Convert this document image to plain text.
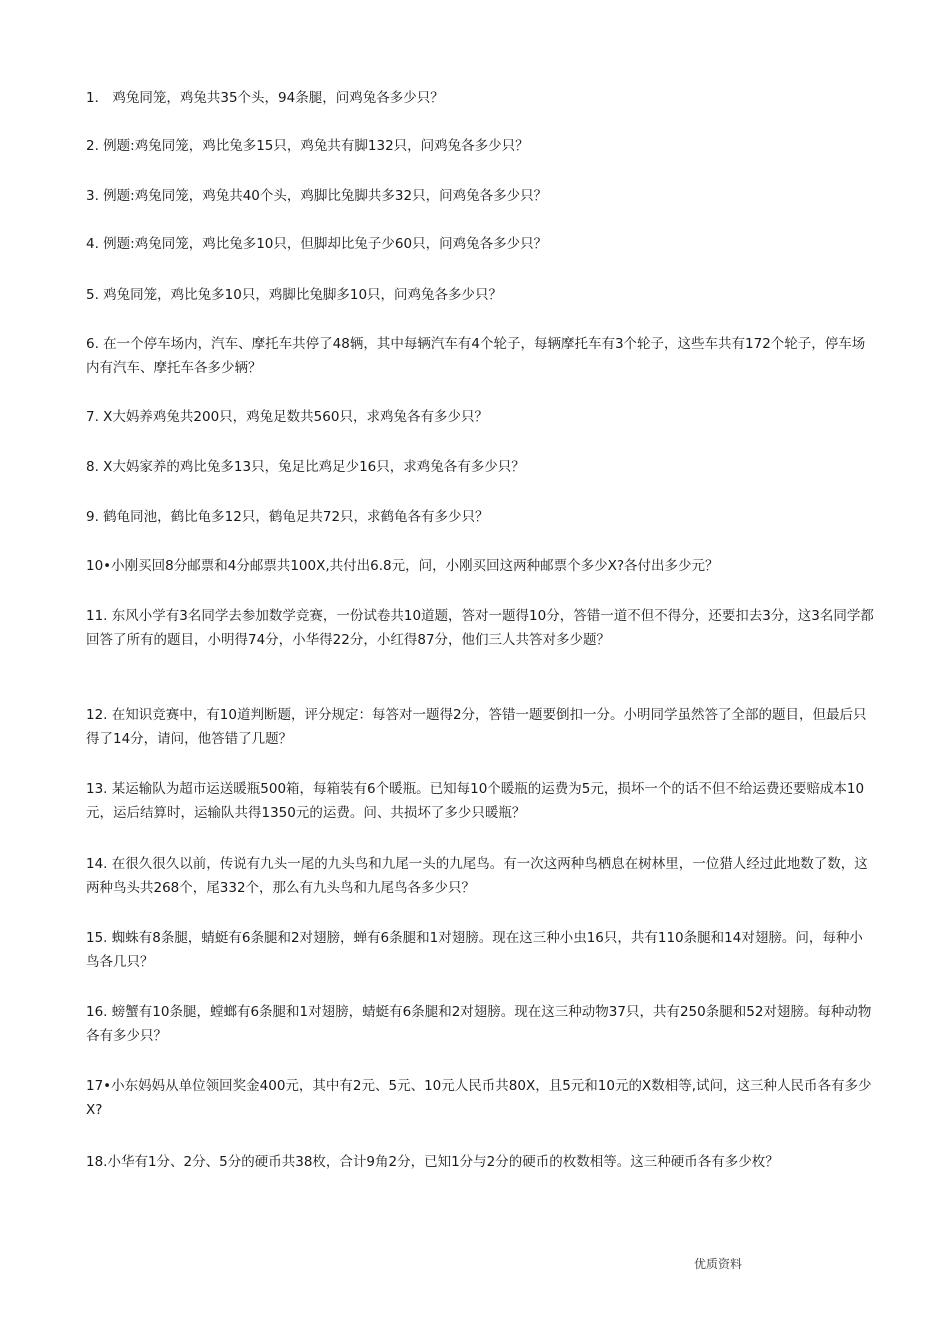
1． 鸡兔同笼，鸡兔共35个头，94条腿，问鸡兔各多少只？

2. 例题:鸡兔同笼，鸡比兔多15只，鸡兔共有脚132只，问鸡兔各多少只？

3. 例题:鸡兔同笼，鸡兔共40个头，鸡脚比兔脚共多32只，问鸡兔各多少只？

4. 例题:鸡兔同笼，鸡比兔多10只，但脚却比兔子少60只，问鸡兔各多少只？

5. 鸡兔同笼，鸡比兔多10只，鸡脚比兔脚多10只，问鸡兔各多少只？

6. 在一个停车场内，汽车、摩托车共停了48辆，其中每辆汽车有4个轮子，每辆摩托车有3个轮子，这些车共有172个轮子，停车场内有汽车、摩托车各多少辆？

7. X大妈养鸡兔共200只，鸡兔足数共560只，求鸡兔各有多少只？

8. X大妈家养的鸡比兔多13只，兔足比鸡足少16只，求鸡兔各有多少只？

9. 鹤龟同池，鹤比龟多12只，鹤龟足共72只，求鹤龟各有多少只？

10•小刚买回8分邮票和4分邮票共100X,共付出6.8元，问，小刚买回这两种邮票个多少X?各付出多少元？

11. 东风小学有3名同学去参加数学竞赛，一份试卷共10道题，答对一题得10分，答错一道不但不得分，还要扣去3分，这3名同学都回答了所有的题目，小明得74分，小华得22分，小红得87分，他们三人共答对多少题？

12. 在知识竞赛中，有10道判断题，评分规定：每答对一题得2分，答错一题要倒扣一分。小明同学虽然答了全部的题目，但最后只得了14分，请问，他答错了几题？

13. 某运输队为超市运送暖瓶500箱，每箱装有6个暖瓶。已知每10个暖瓶的运费为5元，损坏一个的话不但不给运费还要赔成本10元，运后结算时，运输队共得1350元的运费。问、共损坏了多少只暖瓶？

14. 在很久很久以前，传说有九头一尾的九头鸟和九尾一头的九尾鸟。有一次这两种鸟栖息在树林里，一位猎人经过此地数了数，这两种鸟头共268个，尾332个，那么有九头鸟和九尾鸟各多少只？

15. 蜘蛛有8条腿，蜻蜓有6条腿和2对翅膀，蝉有6条腿和1对翅膀。现在这三种小虫16只，共有110条腿和14对翅膀。问，每种小鸟各几只？

16. 螃蟹有10条腿，螳螂有6条腿和1对翅膀，蜻蜓有6条腿和2对翅膀。现在这三种动物37只，共有250条腿和52对翅膀。每种动物各有多少只？

17•小东妈妈从单位领回奖金400元，其中有2元、5元、10元人民币共80X，且5元和10元的X数相等,试问，这三种人民币各有多少X?

18.小华有1分、2分、5分的硬币共38枚，合计9角2分，已知1分与2分的硬币的枚数相等。这三种硬币各有多少枚？

优质资料
